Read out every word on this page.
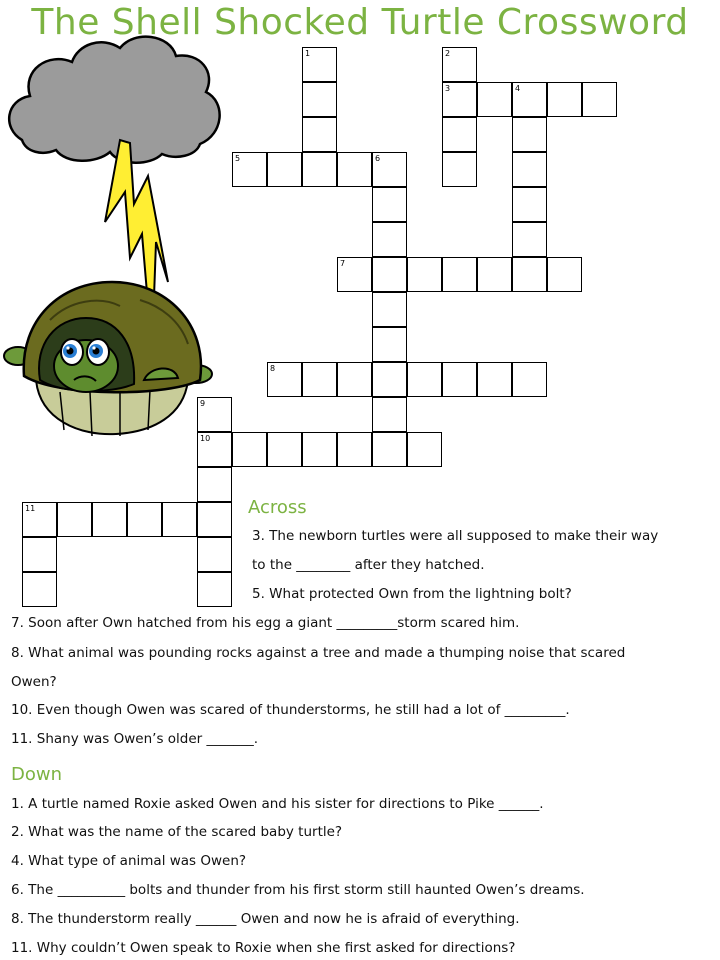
The Shell Shocked Turtle Crossword
1	2
3	4
5	6
7
8
9
10
11	Across
3. The newborn turtles were all supposed to make their way
to the ________ after they hatched.
5. What protected Own from the lightning bolt?
7. Soon after Own hatched from his egg a giant _________storm scared him.
8. What animal was pounding rocks against a tree and made a thumping noise that scared
Owen?
10. Even though Owen was scared of thunderstorms, he still had a lot of _________.
11. Shany was Owen’s older _______.
Down
1. A turtle named Roxie asked Owen and his sister for directions to Pike ______.
2. What was the name of the scared baby turtle?
4. What type of animal was Owen?
6. The __________ bolts and thunder from his first storm still haunted Owen’s dreams.
8. The thunderstorm really ______ Owen and now he is afraid of everything.
11. Why couldn’t Owen speak to Roxie when she first asked for directions?
